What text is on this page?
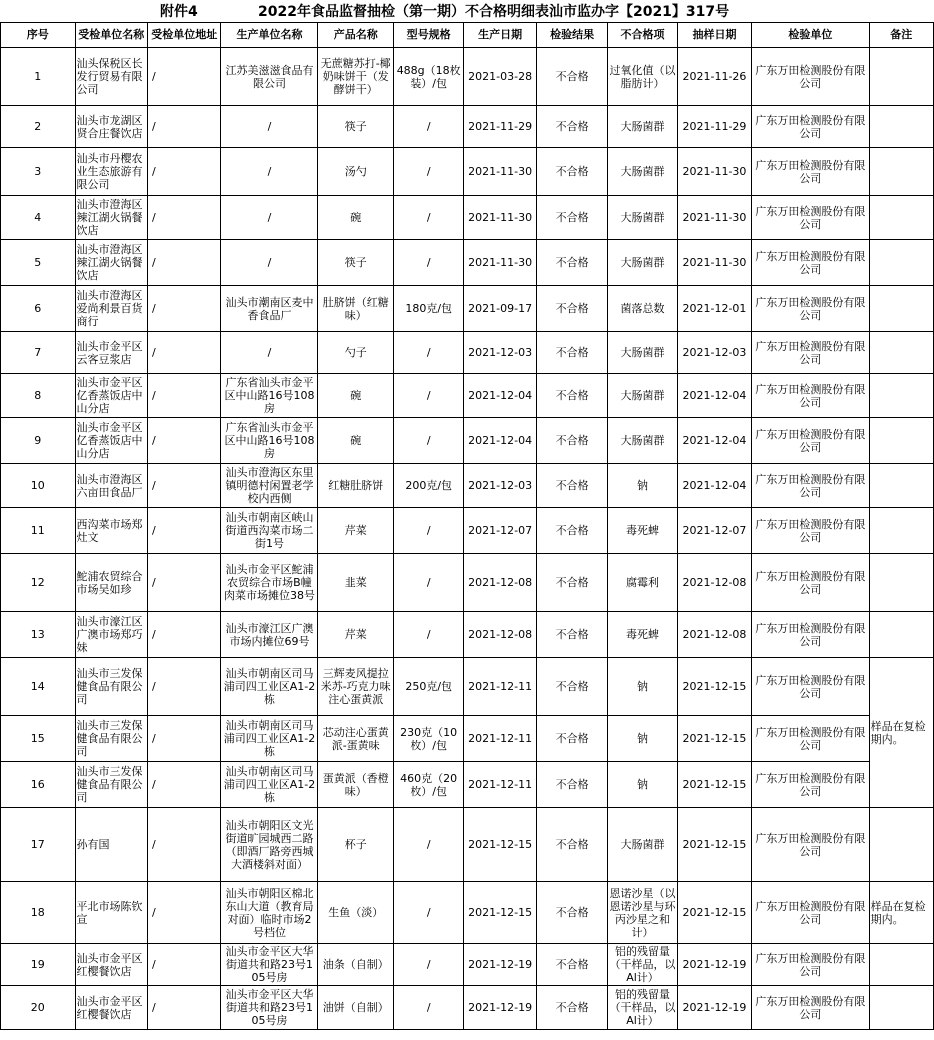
附件4	2022年食品监督抽检（第一期）不合格明细表汕市监办字【2021】317号
序号	受检单位名称	受检单位地址	生产单位名称	产品名称	型号规格	生产日期	检验结果	不合格项	抽样日期	检验单位	备注
1	汕头保税区长发行贸易有限公司	/	江苏美滋滋食品有限公司	无蔗糖苏打-椰奶味饼干（发酵饼干）	488g（18枚装）/包	2021-03-28	不合格	过氧化值（以脂肪计）	2021-11-26	广东万田检测股份有限公司	
2	汕头市龙湖区贤合庄餐饮店	/	/	筷子	/	2021-11-29	不合格	大肠菌群	2021-11-29	广东万田检测股份有限公司	
3	汕头市丹樱农业生态旅游有限公司	/	/	汤勺	/	2021-11-30	不合格	大肠菌群	2021-11-30	广东万田检测股份有限公司	
4	汕头市澄海区辣江湖火锅餐饮店	/	/	碗	/	2021-11-30	不合格	大肠菌群	2021-11-30	广东万田检测股份有限公司	
5	汕头市澄海区辣江湖火锅餐饮店	/	/	筷子	/	2021-11-30	不合格	大肠菌群	2021-11-30	广东万田检测股份有限公司	
6	汕头市澄海区爱尚利景百货商行	/	汕头市潮南区麦中香食品厂	肚脐饼（红糖味）	180克/包	2021-09-17	不合格	菌落总数	2021-12-01	广东万田检测股份有限公司	
7	汕头市金平区云客豆浆店	/	/	勺子	/	2021-12-03	不合格	大肠菌群	2021-12-03	广东万田检测股份有限公司	
8	汕头市金平区亿香蒸饭店中山分店	/	广东省汕头市金平区中山路16号108房	碗	/	2021-12-04	不合格	大肠菌群	2021-12-04	广东万田检测股份有限公司	
9	汕头市金平区亿香蒸饭店中山分店	/	广东省汕头市金平区中山路16号108房	碗	/	2021-12-04	不合格	大肠菌群	2021-12-04	广东万田检测股份有限公司	
10	汕头市澄海区六亩田食品厂	/	汕头市澄海区东里镇明德村闲置老学校内西侧	红糖肚脐饼	200克/包	2021-12-03	不合格	钠	2021-12-04	广东万田检测股份有限公司	
11	西沟菜市场郑灶文	/	汕头市朝南区峡山街道西沟菜市场二街1号	芹菜	/	2021-12-07	不合格	毒死蜱	2021-12-07	广东万田检测股份有限公司	
12	鮀浦农贸综合市场吴如珍	/	汕头市金平区鮀浦农贸综合市场B幢肉菜市场摊位38号	韭菜	/	2021-12-08	不合格	腐霉利	2021-12-08	广东万田检测股份有限公司	
13	汕头市濠江区广澳市场郑巧妹	/	汕头市濠江区广澳市场内摊位69号	芹菜	/	2021-12-08	不合格	毒死蜱	2021-12-08	广东万田检测股份有限公司	
14	汕头市三发保健食品有限公司	/	汕头市朝南区司马浦司四工业区A1-2栋	三辉麦风提拉米苏-巧克力味注心蛋黄派	250克/包	2021-12-11	不合格	钠	2021-12-15	广东万田检测股份有限公司	样品在复检期内。
15	汕头市三发保健食品有限公司	/	汕头市朝南区司马浦司四工业区A1-2栋	芯动注心蛋黄派-蛋黄味	230克（10枚）/包	2021-12-11	不合格	钠	2021-12-15	广东万田检测股份有限公司	
16	汕头市三发保健食品有限公司	/	汕头市朝南区司马浦司四工业区A1-2栋	蛋黄派（香橙味）	460克（20枚）/包	2021-12-11	不合格	钠	2021-12-15	广东万田检测股份有限公司	
17	孙有国	/	汕头市朝阳区文光街道旷园城西二路（即酒厂路旁西城大酒楼斜对面）	杯子	/	2021-12-15	不合格	大肠菌群	2021-12-15	广东万田检测股份有限公司	
18	平北市场陈钦宣	/	汕头市朝阳区棉北东山大道（教育局对面）临时市场2号档位	生鱼（淡）	/	2021-12-15	不合格	恩诺沙星（以恩诺沙星与环丙沙星之和计）	2021-12-15	广东万田检测股份有限公司	样品在复检期内。
19	汕头市金平区红樱餐饮店	/	汕头市金平区大华街道共和路23号105号房	油条（自制）	/	2021-12-19	不合格	铝的残留量（干样品，以Al计）	2021-12-19	广东万田检测股份有限公司	
20	汕头市金平区红樱餐饮店	/	汕头市金平区大华街道共和路23号105号房	油饼（自制）	/	2021-12-19	不合格	铝的残留量（干样品，以Al计）	2021-12-19	广东万田检测股份有限公司	
